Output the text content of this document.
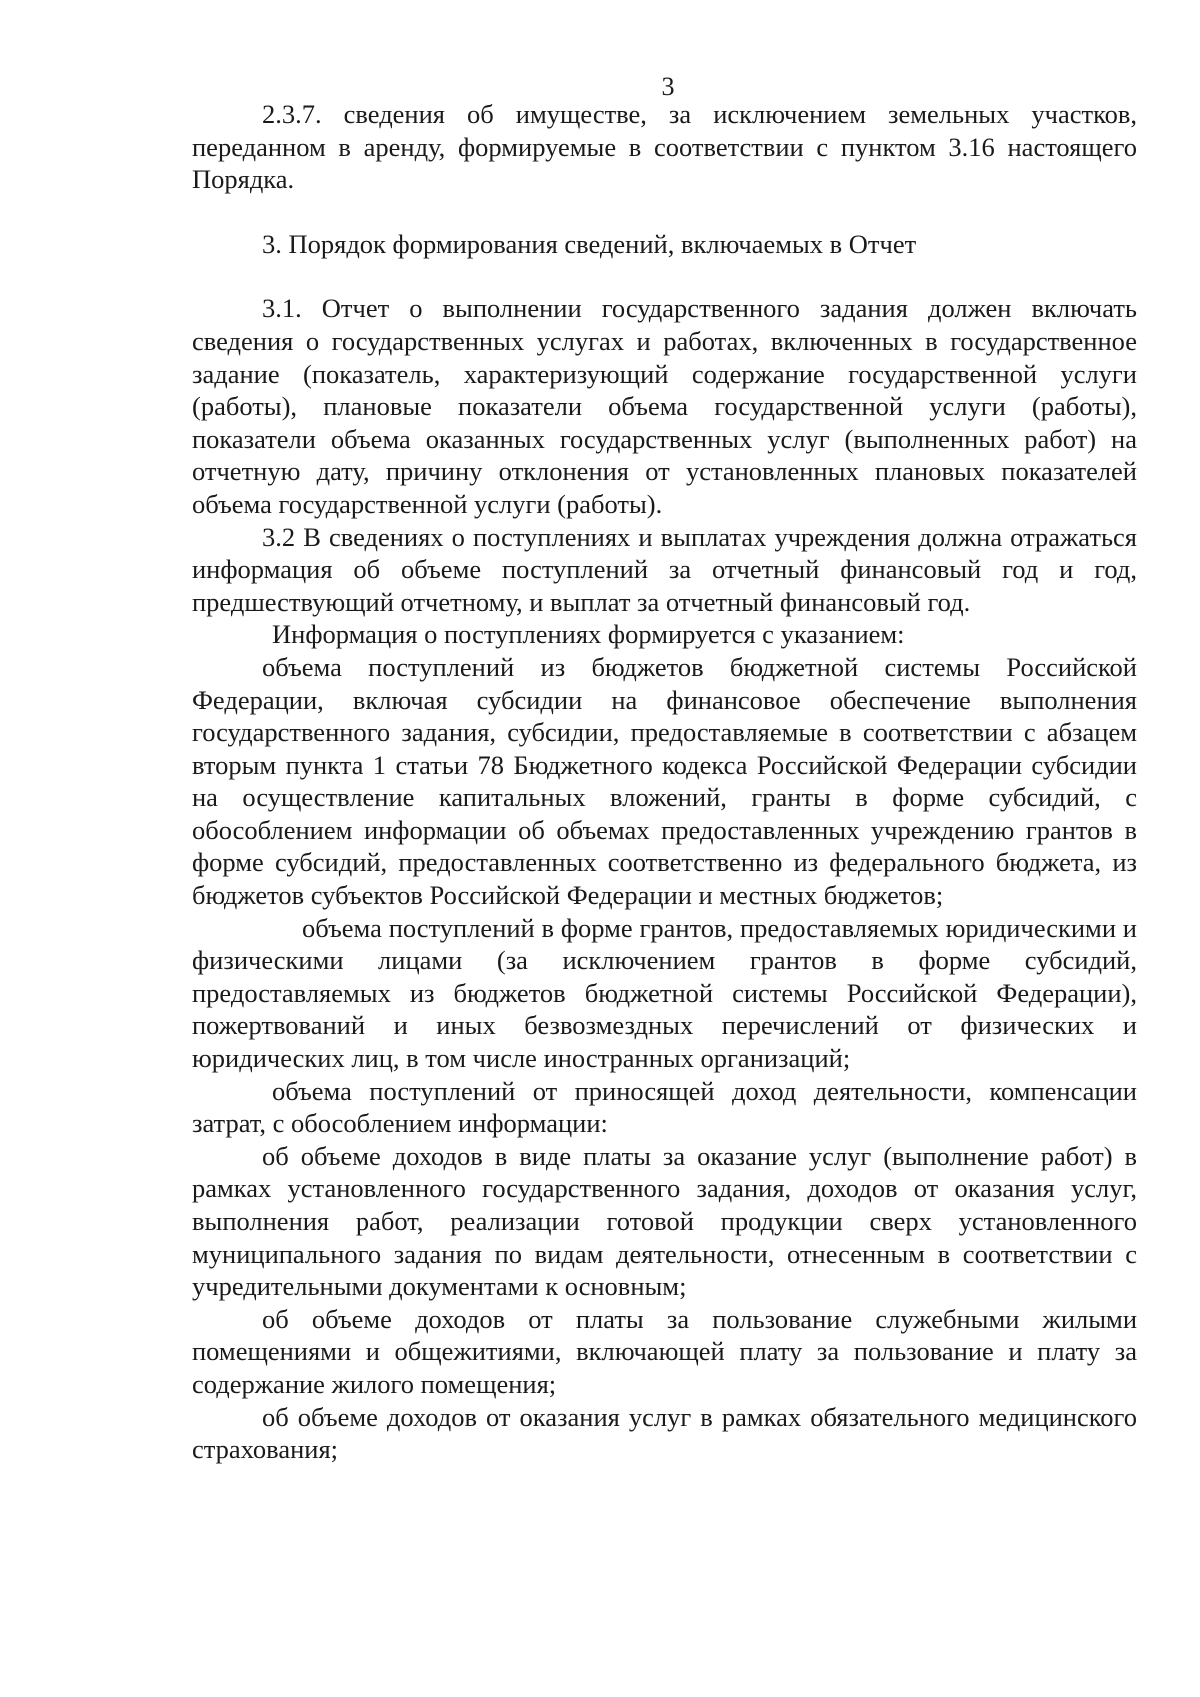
3

2.3.7. сведения об имуществе, за исключением земельных участков, переданном в аренду, формируемые в соответствии с пунктом 3.16 настоящего Порядка.

3. Порядок формирования сведений, включаемых в Отчет

3.1. Отчет о выполнении государственного задания должен включать сведения о государственных услугах и работах, включенных в государственное задание (показатель, характеризующий содержание государственной услуги (работы), плановые показатели объема государственной услуги (работы), показатели объема оказанных государственных услуг (выполненных работ) на отчетную дату, причину отклонения от установленных плановых показателей объема государственной услуги (работы).

3.2 В сведениях о поступлениях и выплатах учреждения должна отражаться информация об объеме поступлений за отчетный финансовый год и год, предшествующий отчетному, и выплат за отчетный финансовый год.

Информация о поступлениях формируется с указанием:

объема поступлений из бюджетов бюджетной системы Российской Федерации, включая субсидии на финансовое обеспечение выполнения государственного задания, субсидии, предоставляемые в соответствии с абзацем вторым пункта 1 статьи 78 Бюджетного кодекса Российской Федерации субсидии на осуществление капитальных вложений, гранты в форме субсидий, с обособлением информации об объемах предоставленных учреждению грантов в форме субсидий, предоставленных соответственно из федерального бюджета, из бюджетов субъектов Российской Федерации и местных бюджетов;

объема поступлений в форме грантов, предоставляемых юридическими и физическими лицами (за исключением грантов в форме субсидий, предоставляемых из бюджетов бюджетной системы Российской Федерации), пожертвований и иных безвозмездных перечислений от физических и юридических лиц, в том числе иностранных организаций;

объема поступлений от приносящей доход деятельности, компенсации затрат, с обособлением информации:

об объеме доходов в виде платы за оказание услуг (выполнение работ) в рамках установленного государственного задания, доходов от оказания услуг, выполнения работ, реализации готовой продукции сверх установленного муниципального задания по видам деятельности, отнесенным в соответствии с учредительными документами к основным;

об объеме доходов от платы за пользование служебными жилыми помещениями и общежитиями, включающей плату за пользование и плату за содержание жилого помещения;

об объеме доходов от оказания услуг в рамках обязательного медицинского страхования;
